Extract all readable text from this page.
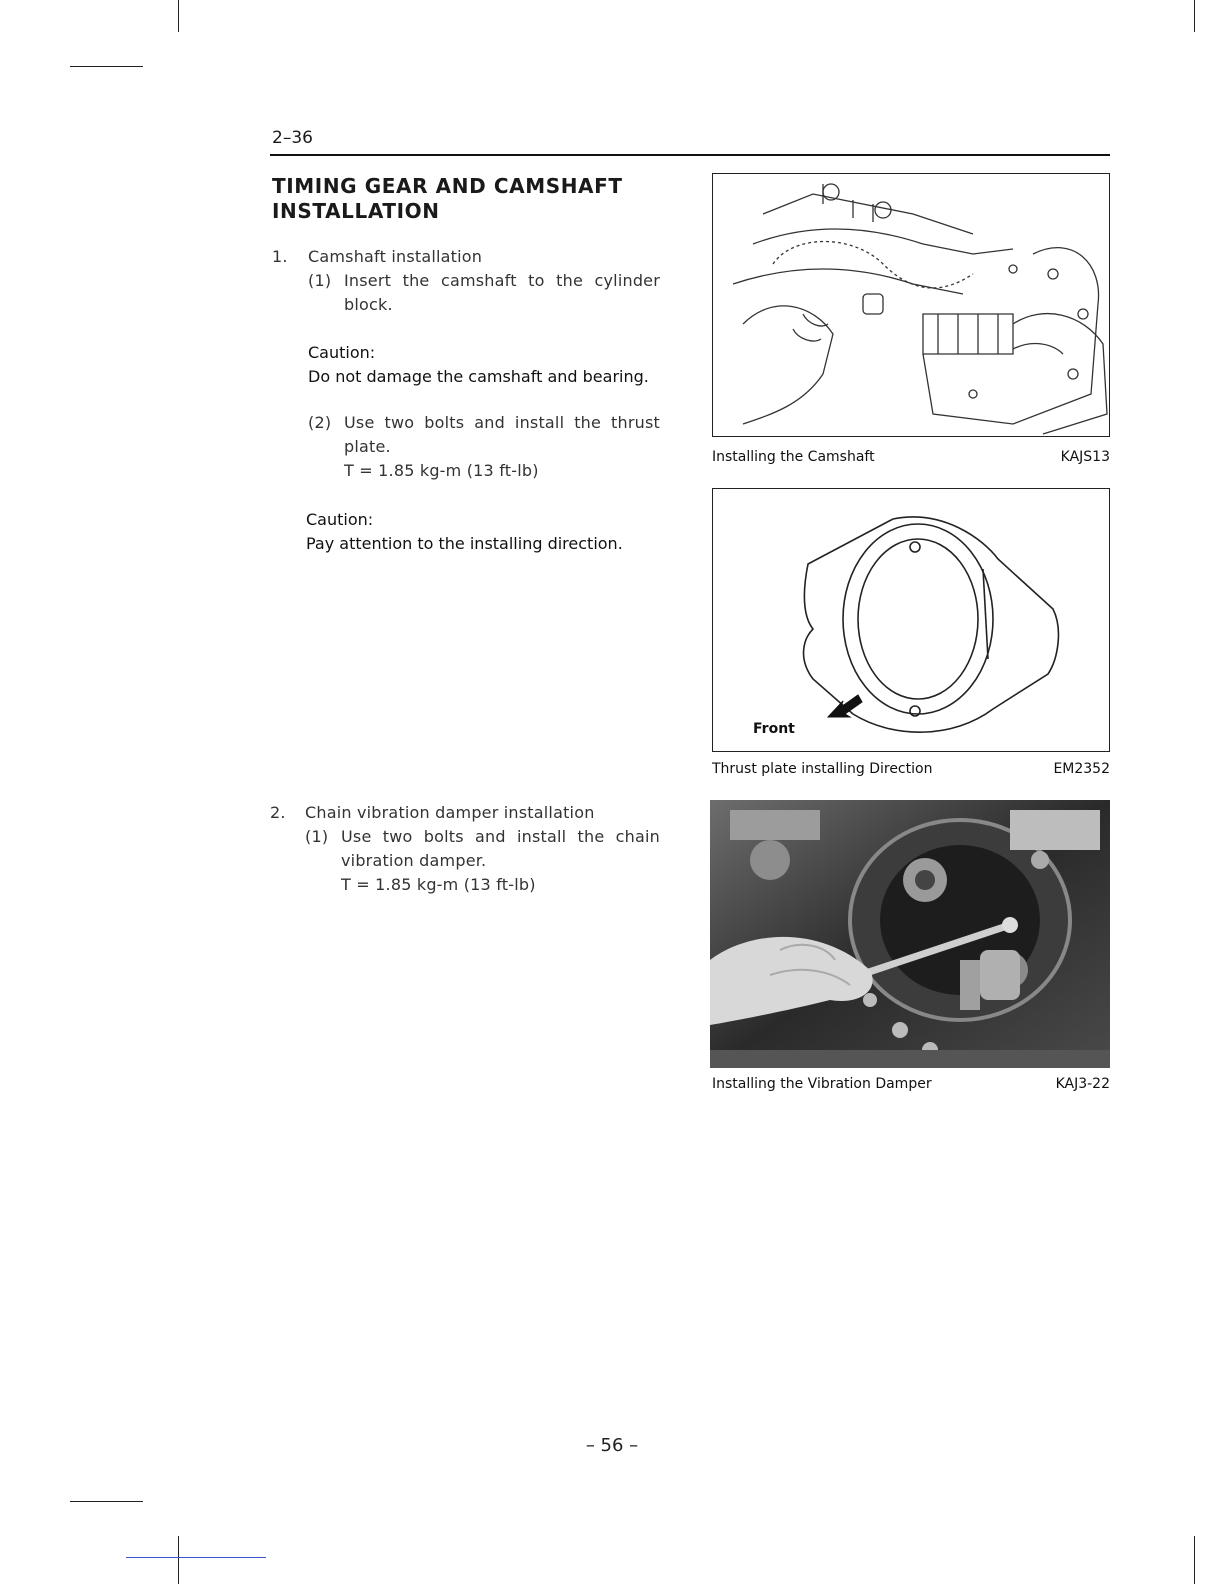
2–36
TIMING GEAR AND CAMSHAFT INSTALLATION
1. Camshaft installation
(1) Insert the camshaft to the cylinder
block.
Caution:
Do not damage the camshaft and bearing.
(2) Use two bolts and install the thrust
plate.
T = 1.85 kg-m (13 ft-lb)
Caution:
Pay attention to the installing direction.
2. Chain vibration damper installation
(1) Use two bolts and install the chain
vibration damper.
T = 1.85 kg-m (13 ft-lb)
Installing the Camshaft	KAJS13
Front
Thrust plate installing Direction	EM2352
Installing the Vibration Damper	KAJ3-22
– 56 –
